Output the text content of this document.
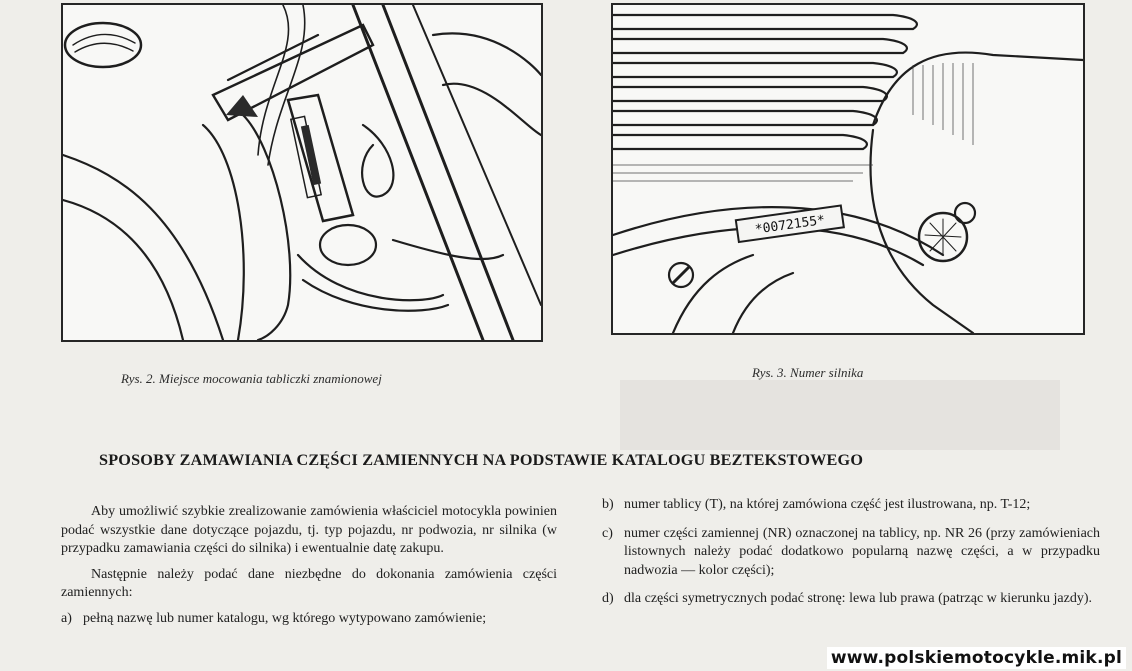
*0072155*
Rys. 2. Miejsce mocowania tabliczki znamionowej	Rys. 3. Numer silnika
SPOSOBY ZAMAWIANIA CZĘŚCI ZAMIENNYCH NA PODSTAWIE KATALOGU BEZTEKSTOWEGO

Aby umożliwić szybkie zrealizowanie zamówienia właściciel motocykla powinien podać wszystkie dane dotyczące pojazdu, tj. typ pojazdu, nr podwozia, nr silnika (w przypadku zamawiania części do silnika) i ewentualnie datę zakupu.

Następnie należy podać dane niezbędne do dokonania zamówienia części zamiennych:

a) pełną nazwę lub numer katalogu, wg którego wytypowano zamówienie;
b) numer tablicy (T), na której zamówiona część jest ilustrowana, np. T-12;
c) numer części zamiennej (NR) oznaczonej na tablicy, np. NR 26 (przy zamówieniach listownych należy podać dodatkowo popularną nazwę części, a w przypadku nadwozia — kolor części);
d) dla części symetrycznych podać stronę: lewa lub prawa (patrząc w kierunku jazdy).
www.polskiemotocykle.mik.pl
